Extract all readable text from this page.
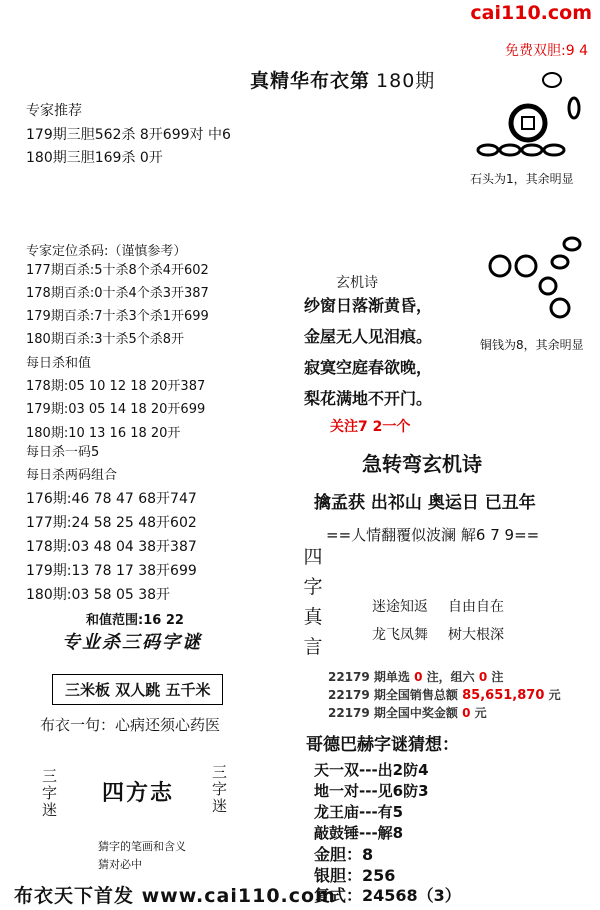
cai110.com
免费双胆:9 4
真精华布衣第 180期
专家推荐
179期三胆562杀 8开699对 中6
180期三胆169杀 0开
石头为1，其余明显
铜钱为8，其余明显
专家定位杀码:（谨慎参考）
177期百杀:5十杀8个杀4开602
178期百杀:0十杀4个杀3开387
179期百杀:7十杀3个杀1开699
180期百杀:3十杀5个杀8开
每日杀和值
178期:05 10 12 18 20开387
179期:03 05 14 18 20开699
180期:10 13 16 18 20开
每日杀一码5
每日杀两码组合
176期:46 78 47 68开747
177期:24 58 25 48开602
178期:03 48 04 38开387
179期:13 78 17 38开699
180期:03 58 05 38开
和值范围:16 22
专业杀三码字谜
三米板 双人跳 五千米
布衣一句：心病还须心药医
三字迷
四方志
三字迷
猜字的笔画和含义
猜对必中
玄机诗
纱窗日落渐黄昏，
金屋无人见泪痕。
寂寞空庭春欲晚，
梨花满地不开门。
关注7 2一个
急转弯玄机诗
擒孟获 出祁山 奥运日 已丑年
==人情翻覆似波澜 解6 7 9==
四字真言
迷途知返 自由自在
龙飞凤舞 树大根深
22179 期单选 0 注，组六 0 注
22179 期全国销售总额 85,651,870 元
22179 期全国中奖金额 0 元
哥德巴赫字谜猜想：
天一双---出2防4
地一对---见6防3
龙王庙---有5
敲鼓锤---解8
金胆：8
银胆：256
复式：24568（3）
布衣天下首发 www.cai110.com
